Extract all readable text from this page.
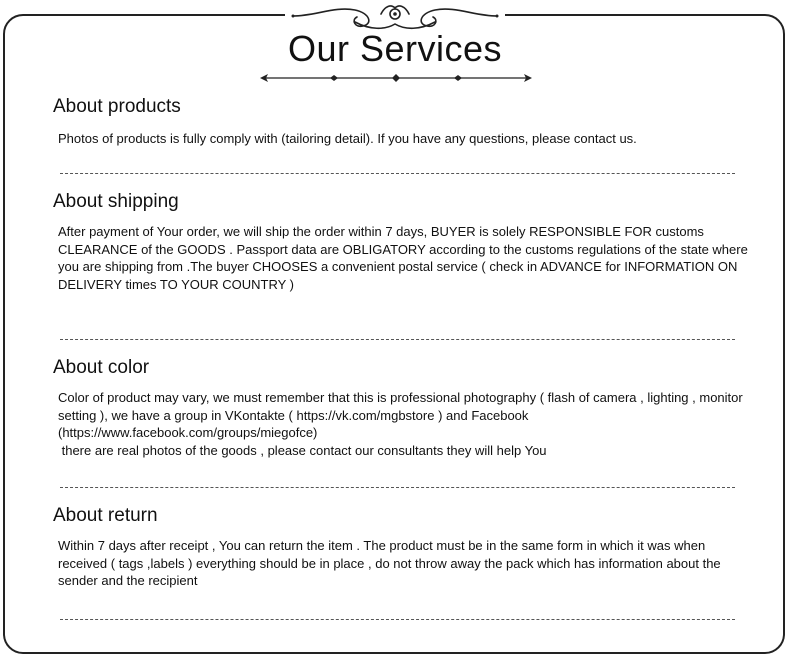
Our Services
About products
Photos of products is fully comply with (tailoring detail). If you have any questions, please contact us.
About shipping
After payment of Your order, we will ship the order within 7 days, BUYER is solely RESPONSIBLE FOR customs
CLEARANCE of the GOODS . Passport data are OBLIGATORY according to the customs regulations of the state where
you are shipping from .The buyer CHOOSES a convenient postal service ( check in ADVANCE for INFORMATION ON
DELIVERY times TO YOUR COUNTRY )
About color
Color of product may vary, we must remember that this is professional photography ( flash of camera , lighting , monitor
setting ), we have a group in VKontakte ( https://vk.com/mgbstore ) and Facebook
(https://www.facebook.com/groups/miegofce)
there are real photos of the goods , please contact our consultants they will help You
About return
Within 7 days after receipt , You can return the item . The product must be in the same form in which it was when
received ( tags ,labels ) everything should be in place , do not throw away the pack which has information about the
sender and the recipient
